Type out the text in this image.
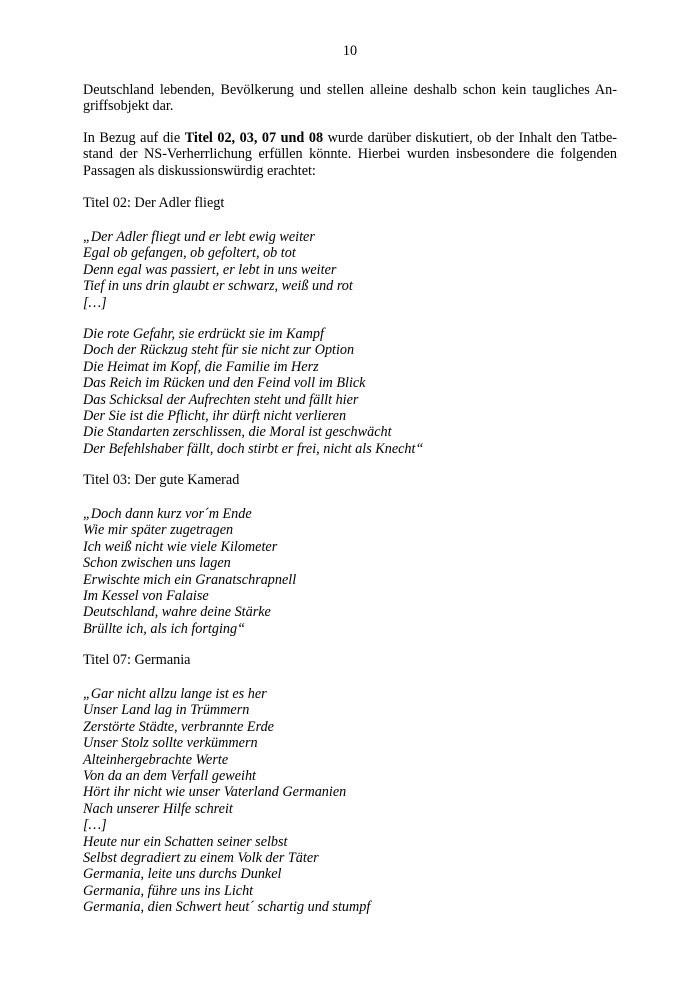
10
Deutschland lebenden, Bevölkerung und stellen alleine deshalb schon kein taugliches An-
griffsobjekt dar.
In Bezug auf die Titel 02, 03, 07 und 08 wurde darüber diskutiert, ob der Inhalt den Tatbe-
stand der NS-Verherrlichung erfüllen könnte. Hierbei wurden insbesondere die folgenden
Passagen als diskussionswürdig erachtet:
Titel 02: Der Adler fliegt
„Der Adler fliegt und er lebt ewig weiter
Egal ob gefangen, ob gefoltert, ob tot
Denn egal was passiert, er lebt in uns weiter
Tief in uns drin glaubt er schwarz, weiß und rot
[…]
Die rote Gefahr, sie erdrückt sie im Kampf
Doch der Rückzug steht für sie nicht zur Option
Die Heimat im Kopf, die Familie im Herz
Das Reich im Rücken und den Feind voll im Blick
Das Schicksal der Aufrechten steht und fällt hier
Der Sie ist die Pflicht, ihr dürft nicht verlieren
Die Standarten zerschlissen, die Moral ist geschwächt
Der Befehlshaber fällt, doch stirbt er frei, nicht als Knecht“
Titel 03: Der gute Kamerad
„Doch dann kurz vor´m Ende
Wie mir später zugetragen
Ich weiß nicht wie viele Kilometer
Schon zwischen uns lagen
Erwischte mich ein Granatschrapnell
Im Kessel von Falaise
Deutschland, wahre deine Stärke
Brüllte ich, als ich fortging“
Titel 07: Germania
„Gar nicht allzu lange ist es her
Unser Land lag in Trümmern
Zerstörte Städte, verbrannte Erde
Unser Stolz sollte verkümmern
Alteinhergebrachte Werte
Von da an dem Verfall geweiht
Hört ihr nicht wie unser Vaterland Germanien
Nach unserer Hilfe schreit
[…]
Heute nur ein Schatten seiner selbst
Selbst degradiert zu einem Volk der Täter
Germania, leite uns durchs Dunkel
Germania, führe uns ins Licht
Germania, dien Schwert heut´ schartig und stumpf
